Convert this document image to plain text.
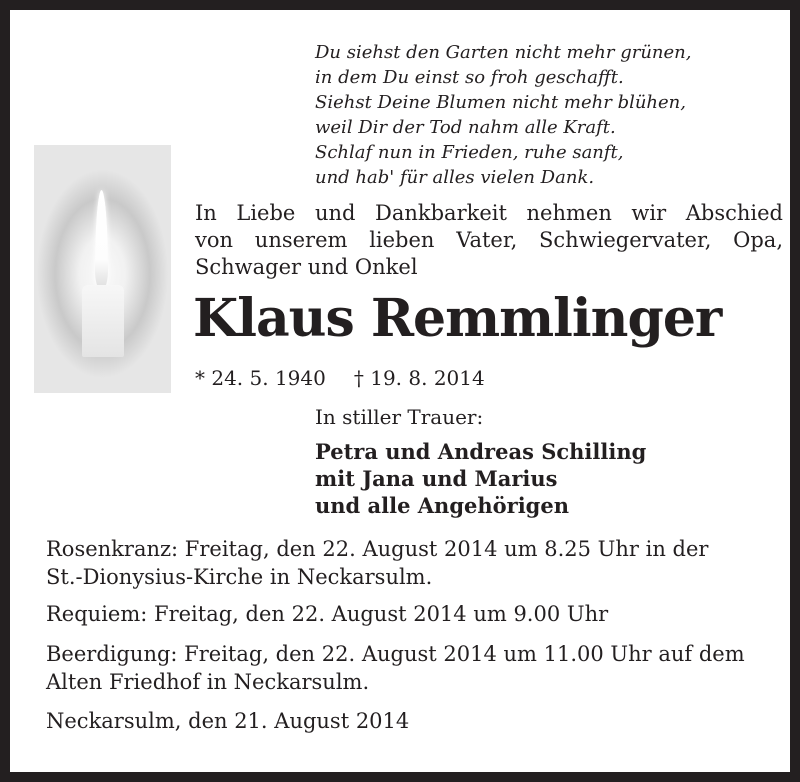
Du siehst den Garten nicht mehr grünen,
in dem Du einst so froh geschafft.
Siehst Deine Blumen nicht mehr blühen,
weil Dir der Tod nahm alle Kraft.
Schlaf nun in Frieden, ruhe sanft,
und hab' für alles vielen Dank.
In Liebe und Dankbarkeit nehmen wir Abschied
von unserem lieben Vater, Schwiegervater, Opa,
Schwager und Onkel
Klaus Remmlinger
* 24. 5. 1940 † 19. 8. 2014
In stiller Trauer:
Petra und Andreas Schilling
mit Jana und Marius
und alle Angehörigen
Rosenkranz: Freitag, den 22. August 2014 um 8.25 Uhr in der
St.-Dionysius-Kirche in Neckarsulm.
Requiem: Freitag, den 22. August 2014 um 9.00 Uhr
Beerdigung: Freitag, den 22. August 2014 um 11.00 Uhr auf dem
Alten Friedhof in Neckarsulm.
Neckarsulm, den 21. August 2014
